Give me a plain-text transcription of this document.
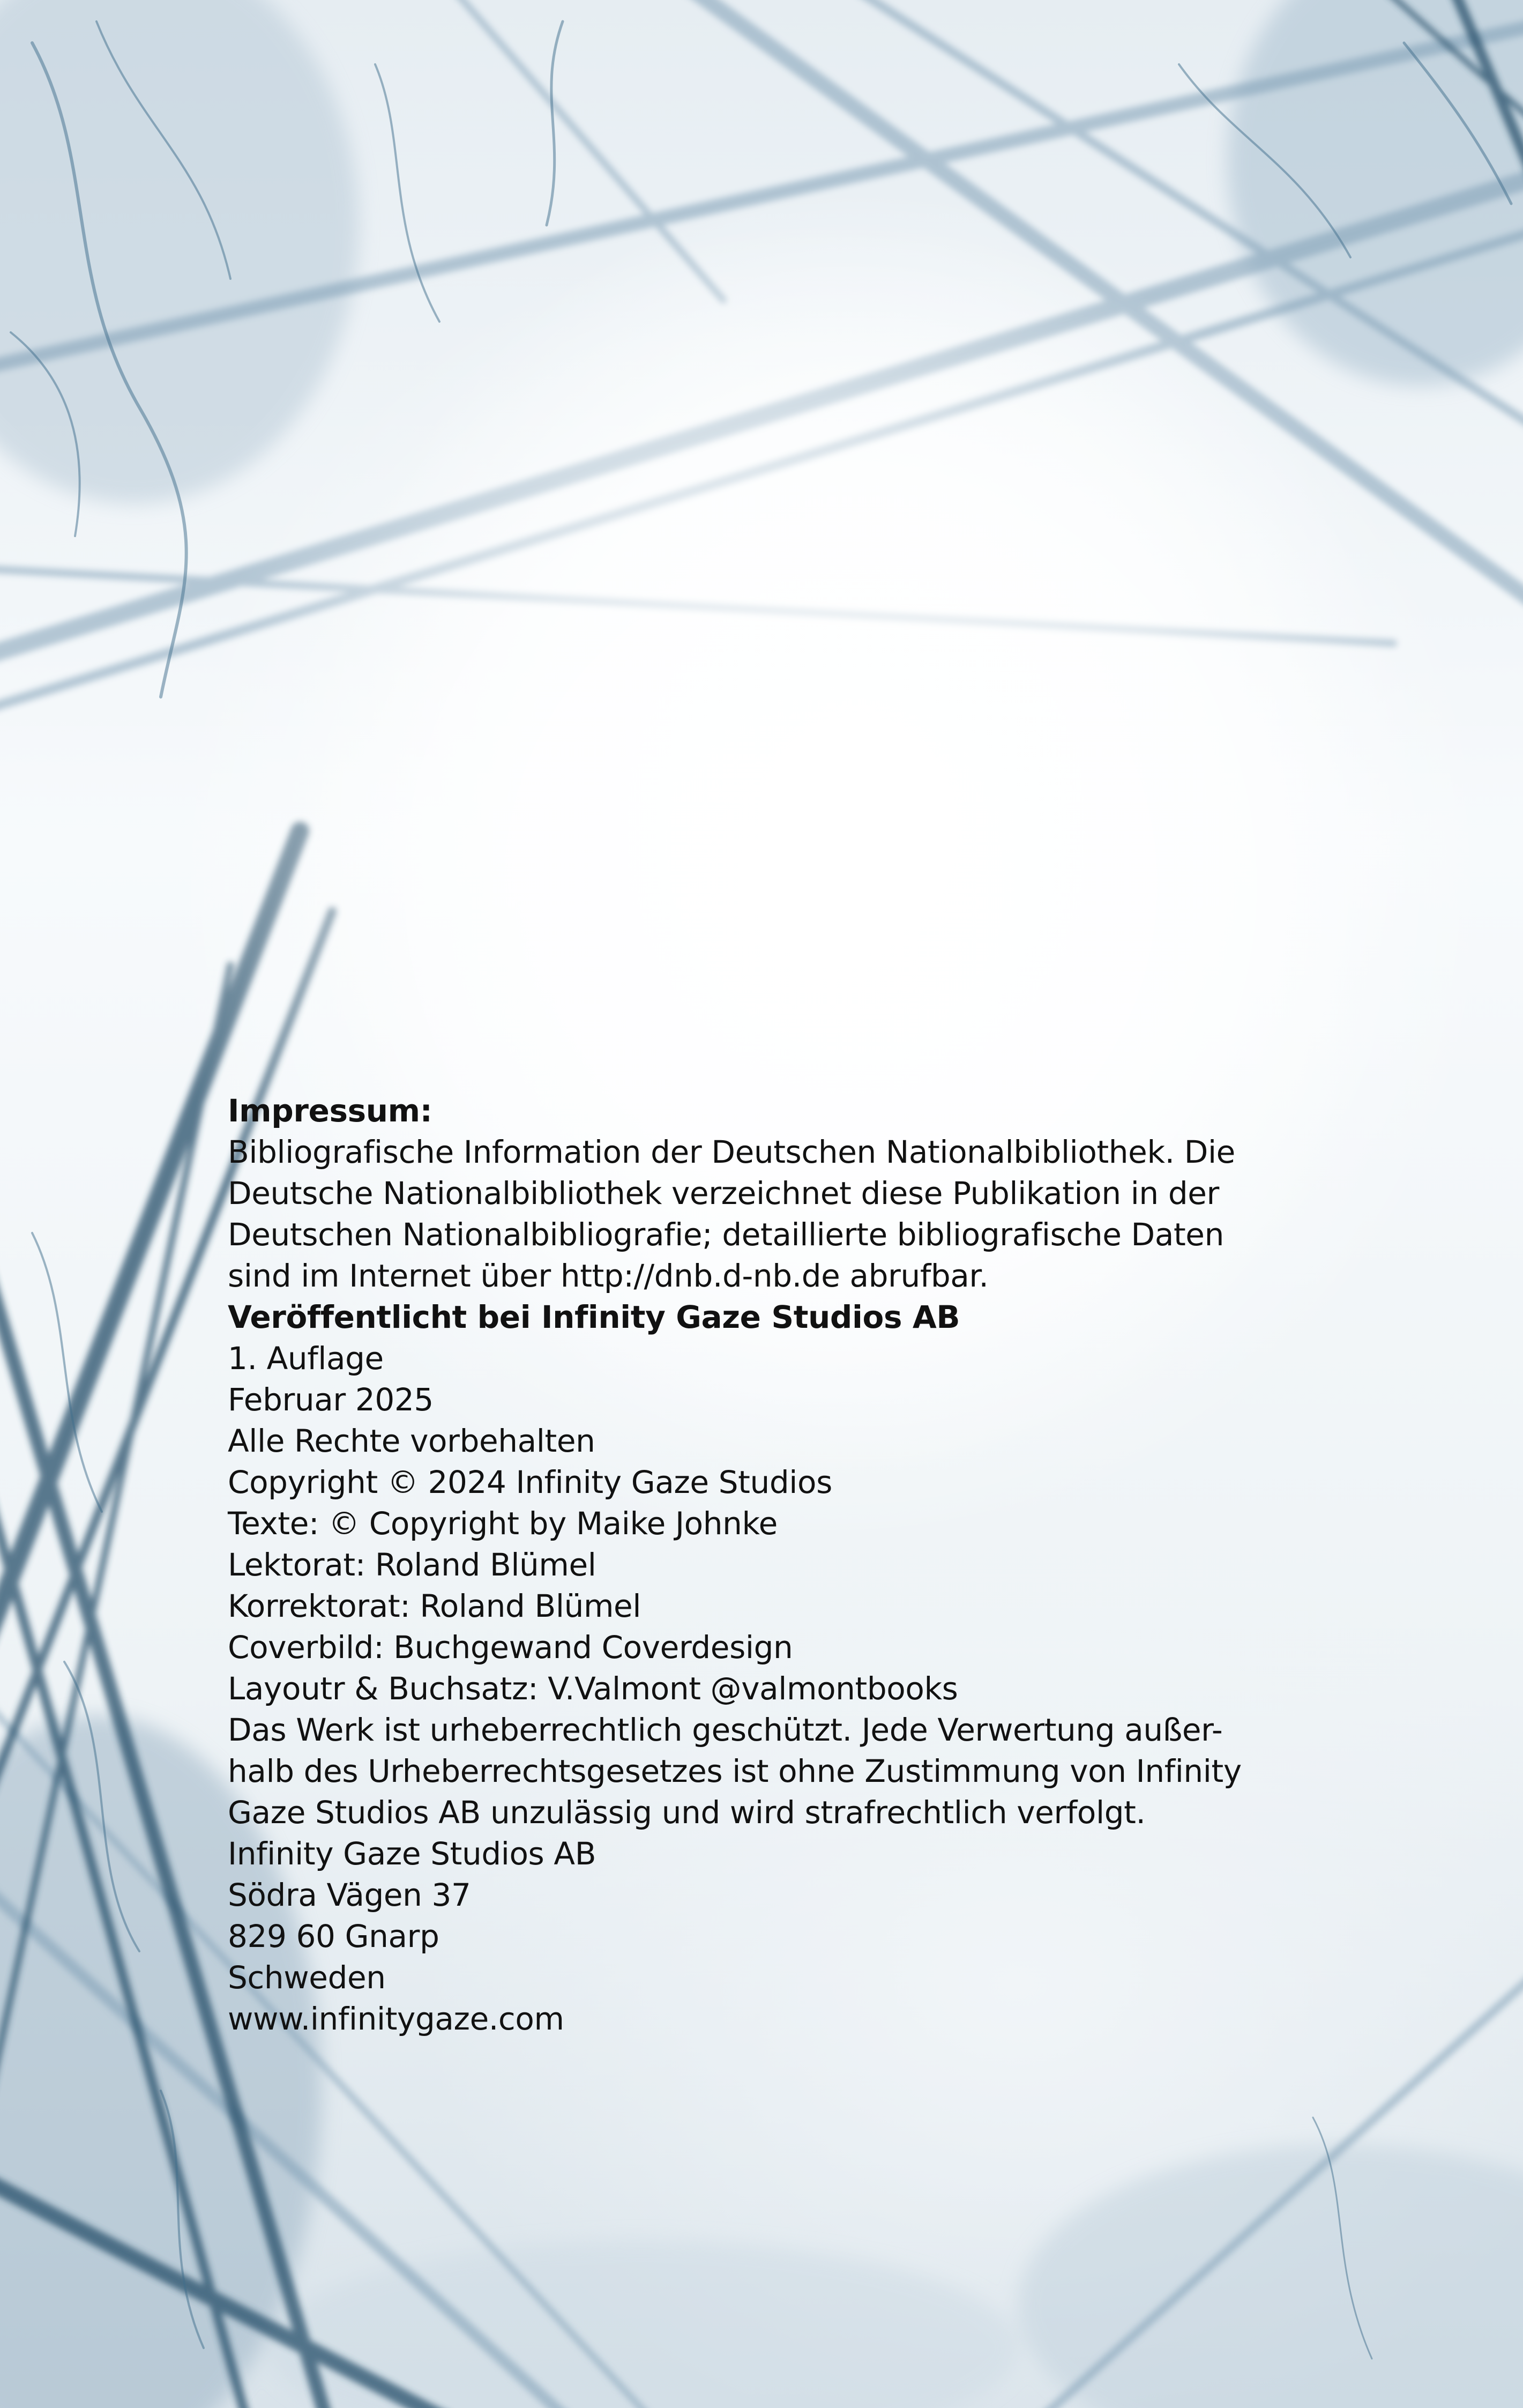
Impressum:

Bibliografische Information der Deutschen Nationalbibliothek. Die

Deutsche Nationalbibliothek verzeichnet diese Publikation in der

Deutschen Nationalbibliografie; detaillierte bibliografische Daten

sind im Internet über http://dnb.d-nb.de abrufbar.

Veröffentlicht bei Infinity Gaze Studios AB

1. Auflage

Februar 2025

Alle Rechte vorbehalten

Copyright © 2024 Infinity Gaze Studios

Texte: © Copyright by Maike Johnke

Lektorat: Roland Blümel

Korrektorat: Roland Blümel

Coverbild: Buchgewand Coverdesign

Layoutr & Buchsatz: V.Valmont @valmontbooks

Das Werk ist urheberrechtlich geschützt. Jede Verwertung außer-

halb des Urheberrechtsgesetzes ist ohne Zustimmung von Infinity

Gaze Studios AB unzulässig und wird strafrechtlich verfolgt.

Infinity Gaze Studios AB

Södra Vägen 37

829 60 Gnarp

Schweden

www.infinitygaze.com
